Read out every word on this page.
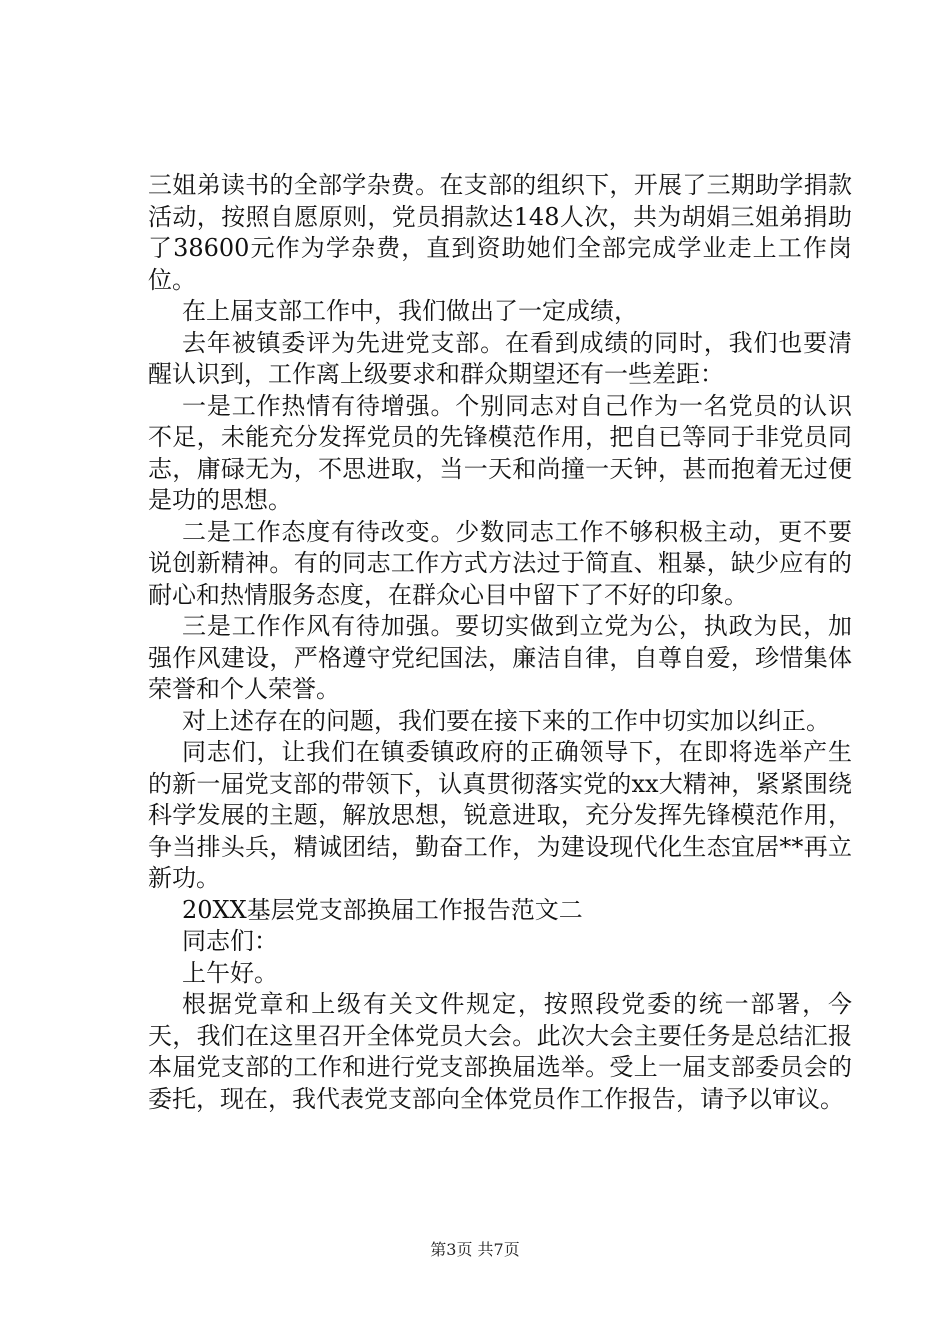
三姐弟读书的全部学杂费。在支部的组织下，开展了三期助学捐款活动，按照自愿原则，党员捐款达148人次，共为胡娟三姐弟捐助了38600元作为学杂费，直到资助她们全部完成学业走上工作岗位。

在上届支部工作中，我们做出了一定成绩，

去年被镇委评为先进党支部。在看到成绩的同时，我们也要清醒认识到，工作离上级要求和群众期望还有一些差距：

一是工作热情有待增强。个别同志对自己作为一名党员的认识不足，未能充分发挥党员的先锋模范作用，把自已等同于非党员同志，庸碌无为，不思进取，当一天和尚撞一天钟，甚而抱着无过便是功的思想。

二是工作态度有待改变。少数同志工作不够积极主动，更不要说创新精神。有的同志工作方式方法过于简直、粗暴，缺少应有的耐心和热情服务态度，在群众心目中留下了不好的印象。

三是工作作风有待加强。要切实做到立党为公，执政为民，加强作风建设，严格遵守党纪国法，廉洁自律，自尊自爱，珍惜集体荣誉和个人荣誉。

对上述存在的问题，我们要在接下来的工作中切实加以纠正。

同志们，让我们在镇委镇政府的正确领导下，在即将选举产生的新一届党支部的带领下，认真贯彻落实党的xx大精神，紧紧围绕科学发展的主题，解放思想，锐意进取，充分发挥先锋模范作用，争当排头兵，精诚团结，勤奋工作，为建设现代化生态宜居**再立新功。

20XX基层党支部换届工作报告范文二

同志们：

上午好。

根据党章和上级有关文件规定，按照段党委的统一部署，今天，我们在这里召开全体党员大会。此次大会主要任务是总结汇报本届党支部的工作和进行党支部换届选举。受上一届支部委员会的委托，现在，我代表党支部向全体党员作工作报告，请予以审议。

第3页 共7页
